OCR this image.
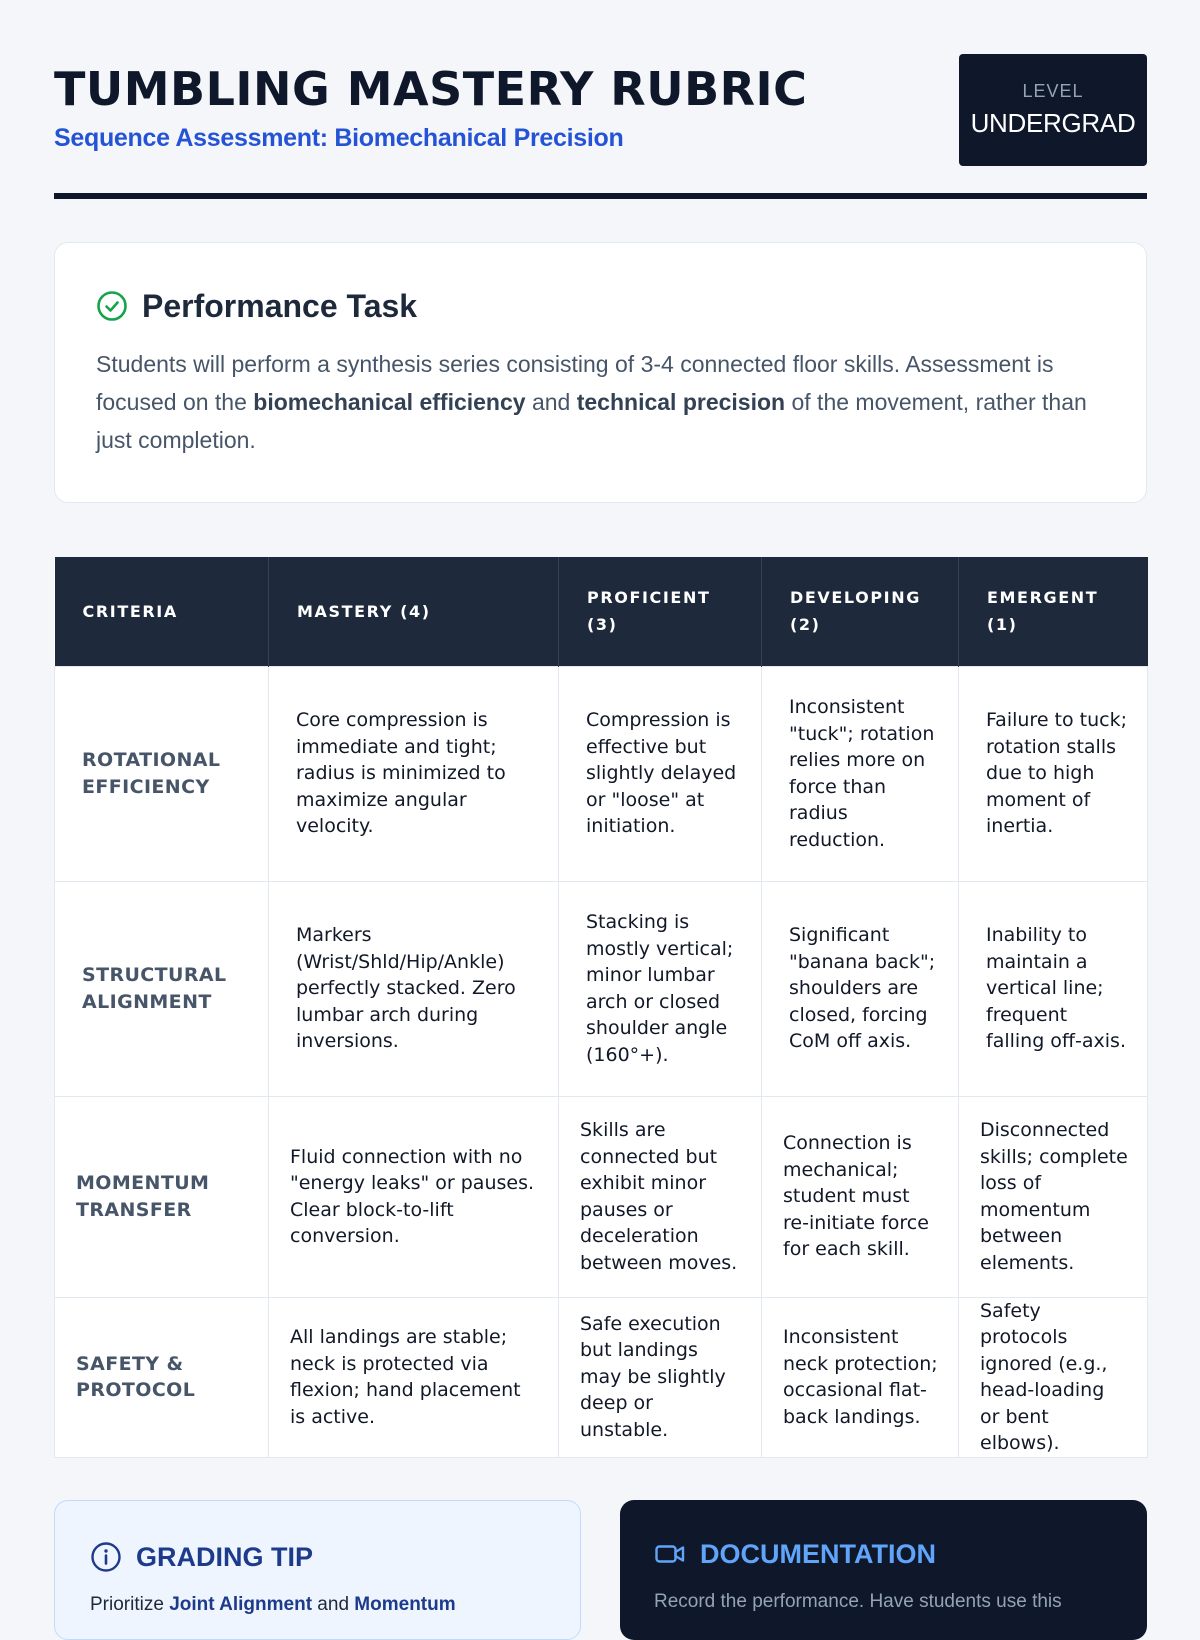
TUMBLING MASTERY RUBRIC
Sequence Assessment: Biomechanical Precision
LEVEL
UNDERGRAD
Performance Task

Students will perform a synthesis series consisting of 3-4 connected floor skills. Assessment is focused on the biomechanical efficiency and technical precision of the movement, rather than just completion.

CRITERIA	MASTERY (4)	PROFICIENT (3)	DEVELOPING (2)	EMERGENT (1)
ROTATIONAL EFFICIENCY	Core compression is immediate and tight; radius is minimized to maximize angular velocity.	Compression is effective but slightly delayed or "loose" at initiation.	Inconsistent "tuck"; rotation relies more on force than radius reduction.	Failure to tuck; rotation stalls due to high moment of inertia.
STRUCTURAL ALIGNMENT	Markers (Wrist/Shld/Hip/Ankle) perfectly stacked. Zero lumbar arch during inversions.	Stacking is mostly vertical; minor lumbar arch or closed shoulder angle (160°+).	Significant "banana back"; shoulders are closed, forcing CoM off axis.	Inability to maintain a vertical line; frequent falling off-axis.
MOMENTUM TRANSFER	Fluid connection with no "energy leaks" or pauses. Clear block-to-lift conversion.	Skills are connected but exhibit minor pauses or deceleration between moves.	Connection is mechanical; student must re-initiate force for each skill.	Disconnected skills; complete loss of momentum between elements.
SAFETY & PROTOCOL	All landings are stable; neck is protected via flexion; hand placement is active.	Safe execution but landings may be slightly deep or unstable.	Inconsistent neck protection; occasional flat-back landings.	Safety protocols ignored (e.g., head-loading or bent elbows).
GRADING TIP

Prioritize Joint Alignment and Momentum

DOCUMENTATION

Record the performance. Have students use this
